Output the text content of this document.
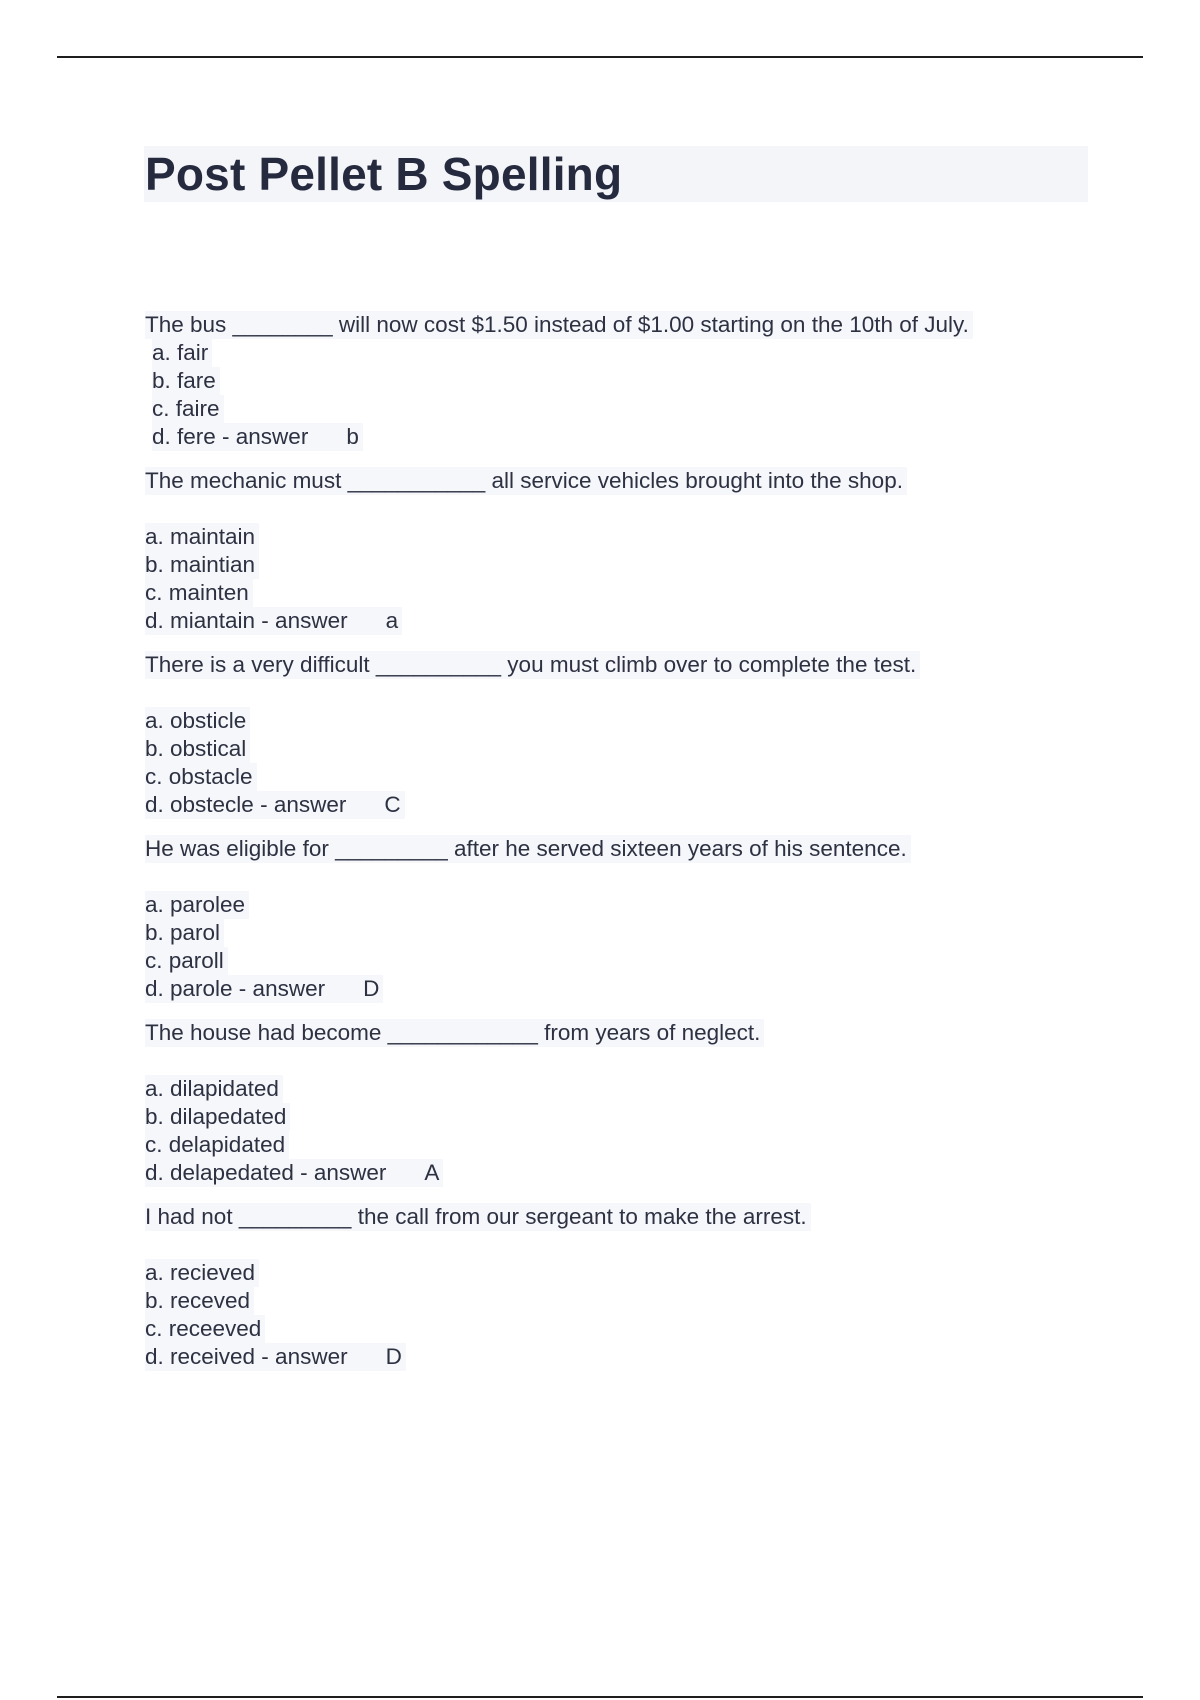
Post Pellet B Spelling
The bus ________ will now cost $1.50 instead of $1.00 starting on the 10th of July.
a. fair
b. fare
c. faire
d. fere - answer b
The mechanic must ___________ all service vehicles brought into the shop.
a. maintain
b. maintian
c. mainten
d. miantain - answer a
There is a very difficult __________ you must climb over to complete the test.
a. obsticle
b. obstical
c. obstacle
d. obstecle - answer C
He was eligible for _________ after he served sixteen years of his sentence.
a. parolee
b. parol
c. paroll
d. parole - answer D
The house had become ____________ from years of neglect.
a. dilapidated
b. dilapedated
c. delapidated
d. delapedated - answer A
I had not _________ the call from our sergeant to make the arrest.
a. recieved
b. receved
c. receeved
d. received - answer D
